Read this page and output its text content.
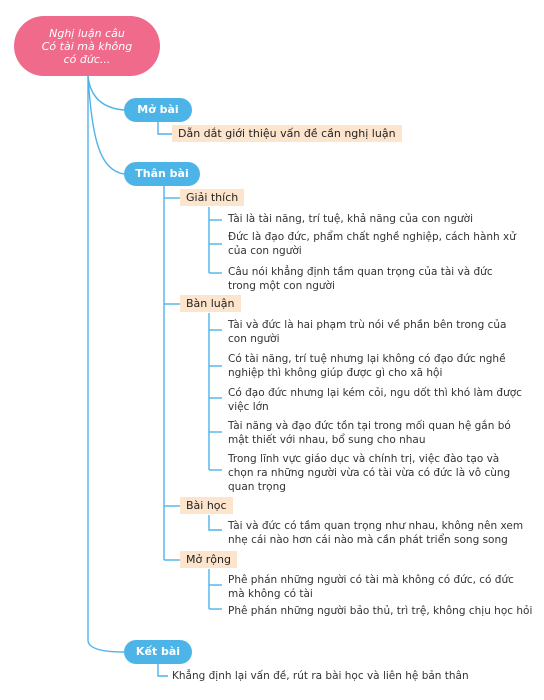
Nghị luận câu
Có tài mà không
có đức...
Mở bài
Dẫn dắt giới thiệu vấn đề cần nghị luận
Thân bài
Giải thích
Tài là tài năng, trí tuệ, khả năng của con người
Đức là đạo đức, phẩm chất nghề nghiệp, cách hành xử của con người
Câu nói khẳng định tầm quan trọng của tài và đức trong một con người
Bàn luận
Tài và đức là hai phạm trù nói về phần bên trong của con người
Có tài năng, trí tuệ nhưng lại không có đạo đức nghề nghiệp thì không giúp được gì cho xã hội
Có đạo đức nhưng lại kém cỏi, ngu dốt thì khó làm được việc lớn
Tài năng và đạo đức tồn tại trong mối quan hệ gắn bó mật thiết với nhau, bổ sung cho nhau
Trong lĩnh vực giáo dục và chính trị, việc đào tạo và chọn ra những người vừa có tài vừa có đức là vô cùng quan trọng
Bài học
Tài và đức có tầm quan trọng như nhau, không nên xem nhẹ cái nào hơn cái nào mà cần phát triển song song
Mở rộng
Phê phán những người có tài mà không có đức, có đức mà không có tài
Phê phán những người bảo thủ, trì trệ, không chịu học hỏi
Kết bài
Khẳng định lại vấn đề, rút ra bài học và liên hệ bản thân
